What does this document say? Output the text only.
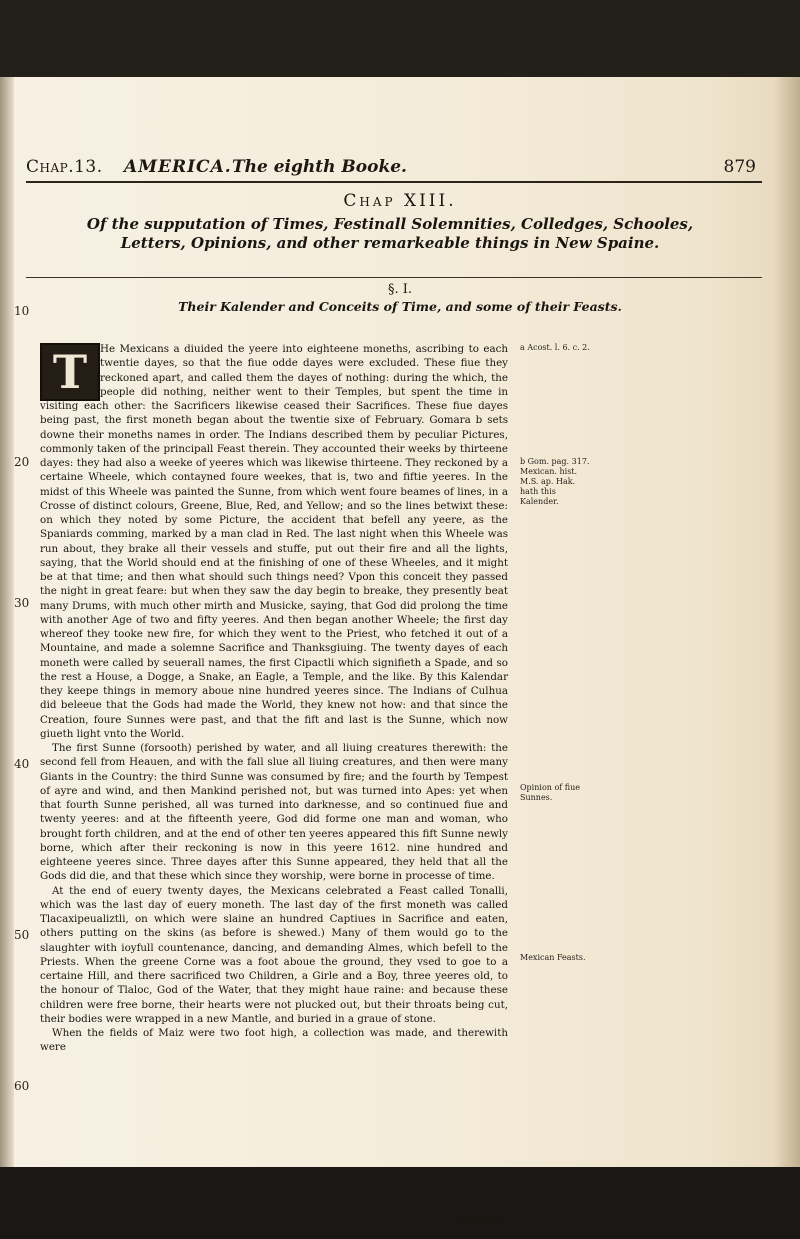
Chap.13. AMERICA. The eighth Booke.	879
Chap XIII.
Of the supputation of Times, Festinall Solemnities, Colledges, Schooles, Letters, Opinions, and other remarkeable things in New Spaine.
§. I.
Their Kalender and Conceits of Time, and some of their Feasts.
T	He Mexicans a diuided the yeere into eighteene moneths, ascribing to each twentie dayes, so that the fiue odde dayes were excluded. These fiue they reckoned apart, and called them the dayes of nothing: during the which, the people did nothing, neither went to their Temples, but spent the time in visiting each other: the Sacrificers likewise ceased their Sacrifices. These fiue dayes being past, the first moneth began about the twentie sixe of February. Gomara b sets downe their moneths names in order. The Indians described them by peculiar Pictures, commonly taken of the principall Feast therein. They accounted their weeks by thirteene dayes: they had also a weeke of yeeres which was likewise thirteene. They reckoned by a certaine Wheele, which contayned foure weekes, that is, two and fiftie yeeres. In the midst of this Wheele was painted the Sunne, from which went foure beames of lines, in a Crosse of distinct colours, Greene, Blue, Red, and Yellow; and so the lines betwixt these: on which they noted by some Picture, the accident that befell any yeere, as the Spaniards comming, marked by a man clad in Red. The last night when this Wheele was run about, they brake all their vessels and stuffe, put out their fire and all the lights, saying, that the World should end at the finishing of one of these Wheeles, and it might be at that time; and then what should such things need? Vpon this conceit they passed the night in great feare: but when they saw the day begin to breake, they presently beat many Drums, with much other mirth and Musicke, saying, that God did prolong the time with another Age of two and fifty yeeres. And then began another Wheele; the first day whereof they tooke new fire, for which they went to the Priest, who fetched it out of a Mountaine, and made a solemne Sacrifice and Thanksgiuing. The twenty dayes of each moneth were called by seuerall names, the first Cipactli which signifieth a Spade, and so the rest a House, a Dogge, a Snake, an Eagle, a Temple, and the like. By this Kalendar they keepe things in memory aboue nine hundred yeeres since. The Indians of Culhua did beleeue that the Gods had made the World, they knew not how: and that since the Creation, foure Sunnes were past, and that the fift and last is the Sunne, which now giueth light vnto the World.

The first Sunne (forsooth) perished by water, and all liuing creatures therewith: the second fell from Heauen, and with the fall slue all liuing creatures, and then were many Giants in the Country: the third Sunne was consumed by fire; and the fourth by Tempest of ayre and wind, and then Mankind perished not, but was turned into Apes: yet when that fourth Sunne perished, all was turned into darknesse, and so continued fiue and twenty yeeres: and at the fifteenth yeere, God did forme one man and woman, who brought forth children, and at the end of other ten yeeres appeared this fift Sunne newly borne, which after their reckoning is now in this yeere 1612. nine hundred and eighteene yeeres since. Three dayes after this Sunne appeared, they held that all the Gods did die, and that these which since they worship, were borne in processe of time.

At the end of euery twenty dayes, the Mexicans celebrated a Feast called Tonalli, which was the last day of euery moneth. The last day of the first moneth was called Tlacaxipeualiztli, on which were slaine an hundred Captiues in Sacrifice and eaten, others putting on the skins (as before is shewed.) Many of them would go to the slaughter with ioyfull countenance, dancing, and demanding Almes, which befell to the Priests. When the greene Corne was a foot aboue the ground, they vsed to goe to a certaine Hill, and there sacrificed two Children, a Girle and a Boy, three yeeres old, to the honour of Tlaloc, God of the Water, that they might haue raine: and because these children were free borne, their hearts were not plucked out, but their throats being cut, their bodies were wrapped in a new Mantle, and buried in a graue of stone.

When the fields of Maiz were two foot high, a collection was made, and therewith were

10
20
30
40
50
60
a Acost. l. 6. c. 2.
b Gom. pag. 317. Mexican. hist. M.S. ap. Hak. hath this Kalender.
Opinion of fiue Sunnes.
Mexican Feasts.
brought
